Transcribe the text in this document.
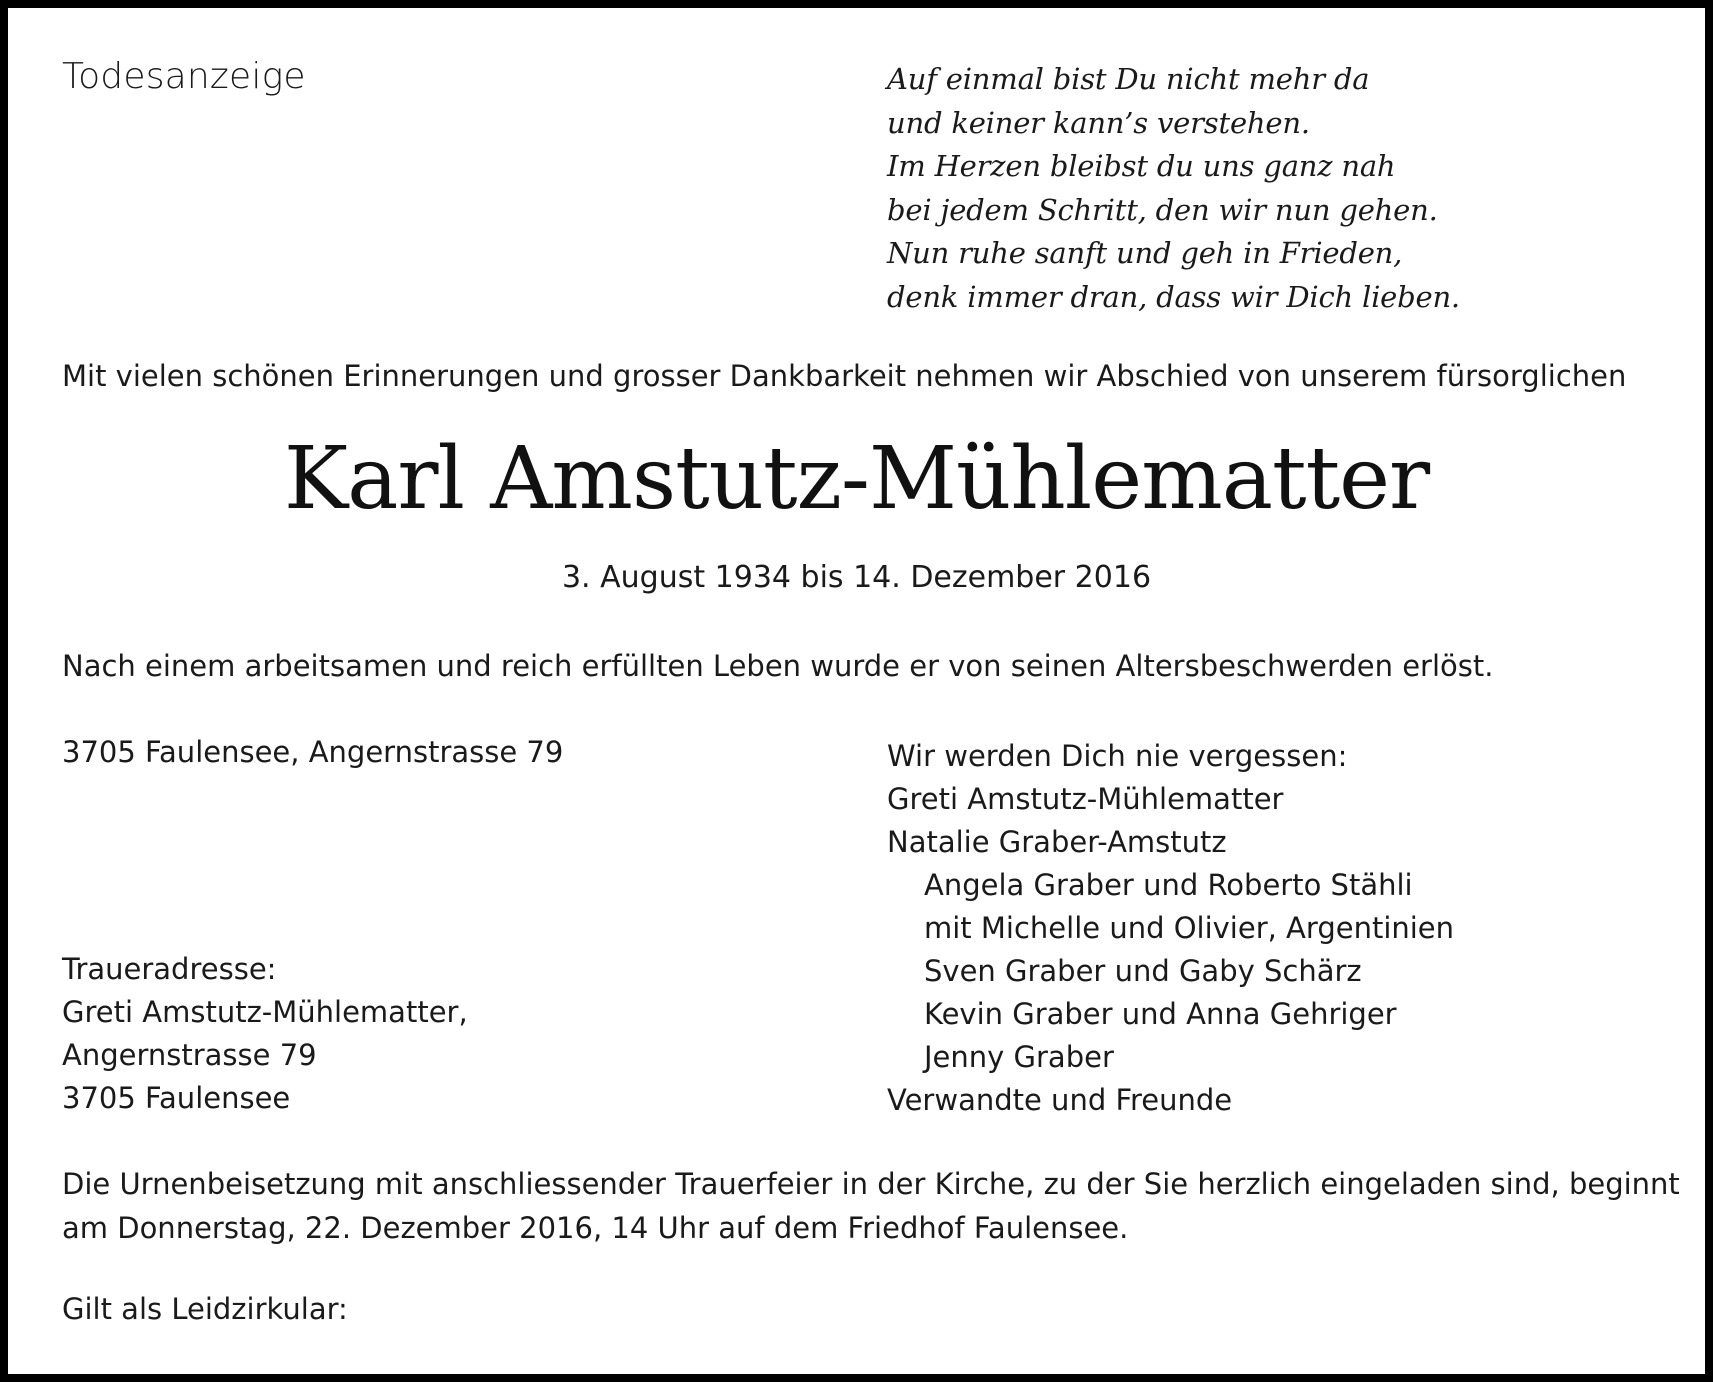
Todesanzeige	Auf einmal bist Du nicht mehr da
und keiner kann’s verstehen.
Im Herzen bleibst du uns ganz nah
bei jedem Schritt, den wir nun gehen.
Nun ruhe sanft und geh in Frieden,
denk immer dran, dass wir Dich lieben.
Mit vielen schönen Erinnerungen und grosser Dankbarkeit nehmen wir Abschied von unserem fürsorglichen
Karl Amstutz-Mühlematter
3. August 1934 bis 14. Dezember 2016
Nach einem arbeitsamen und reich erfüllten Leben wurde er von seinen Altersbeschwerden erlöst.
3705 Faulensee, Angernstrasse 79
Traueradresse:
Greti Amstutz-Mühlematter,
Angernstrasse 79
3705 Faulensee
Wir werden Dich nie vergessen:
Greti Amstutz-Mühlematter
Natalie Graber-Amstutz
Angela Graber und Roberto Stähli
mit Michelle und Olivier, Argentinien
Sven Graber und Gaby Schärz
Kevin Graber und Anna Gehriger
Jenny Graber
Verwandte und Freunde
Die Urnenbeisetzung mit anschliessender Trauerfeier in der Kirche, zu der Sie herzlich eingeladen sind, beginnt
am Donnerstag, 22. Dezember 2016, 14 Uhr auf dem Friedhof Faulensee.
Gilt als Leidzirkular:
